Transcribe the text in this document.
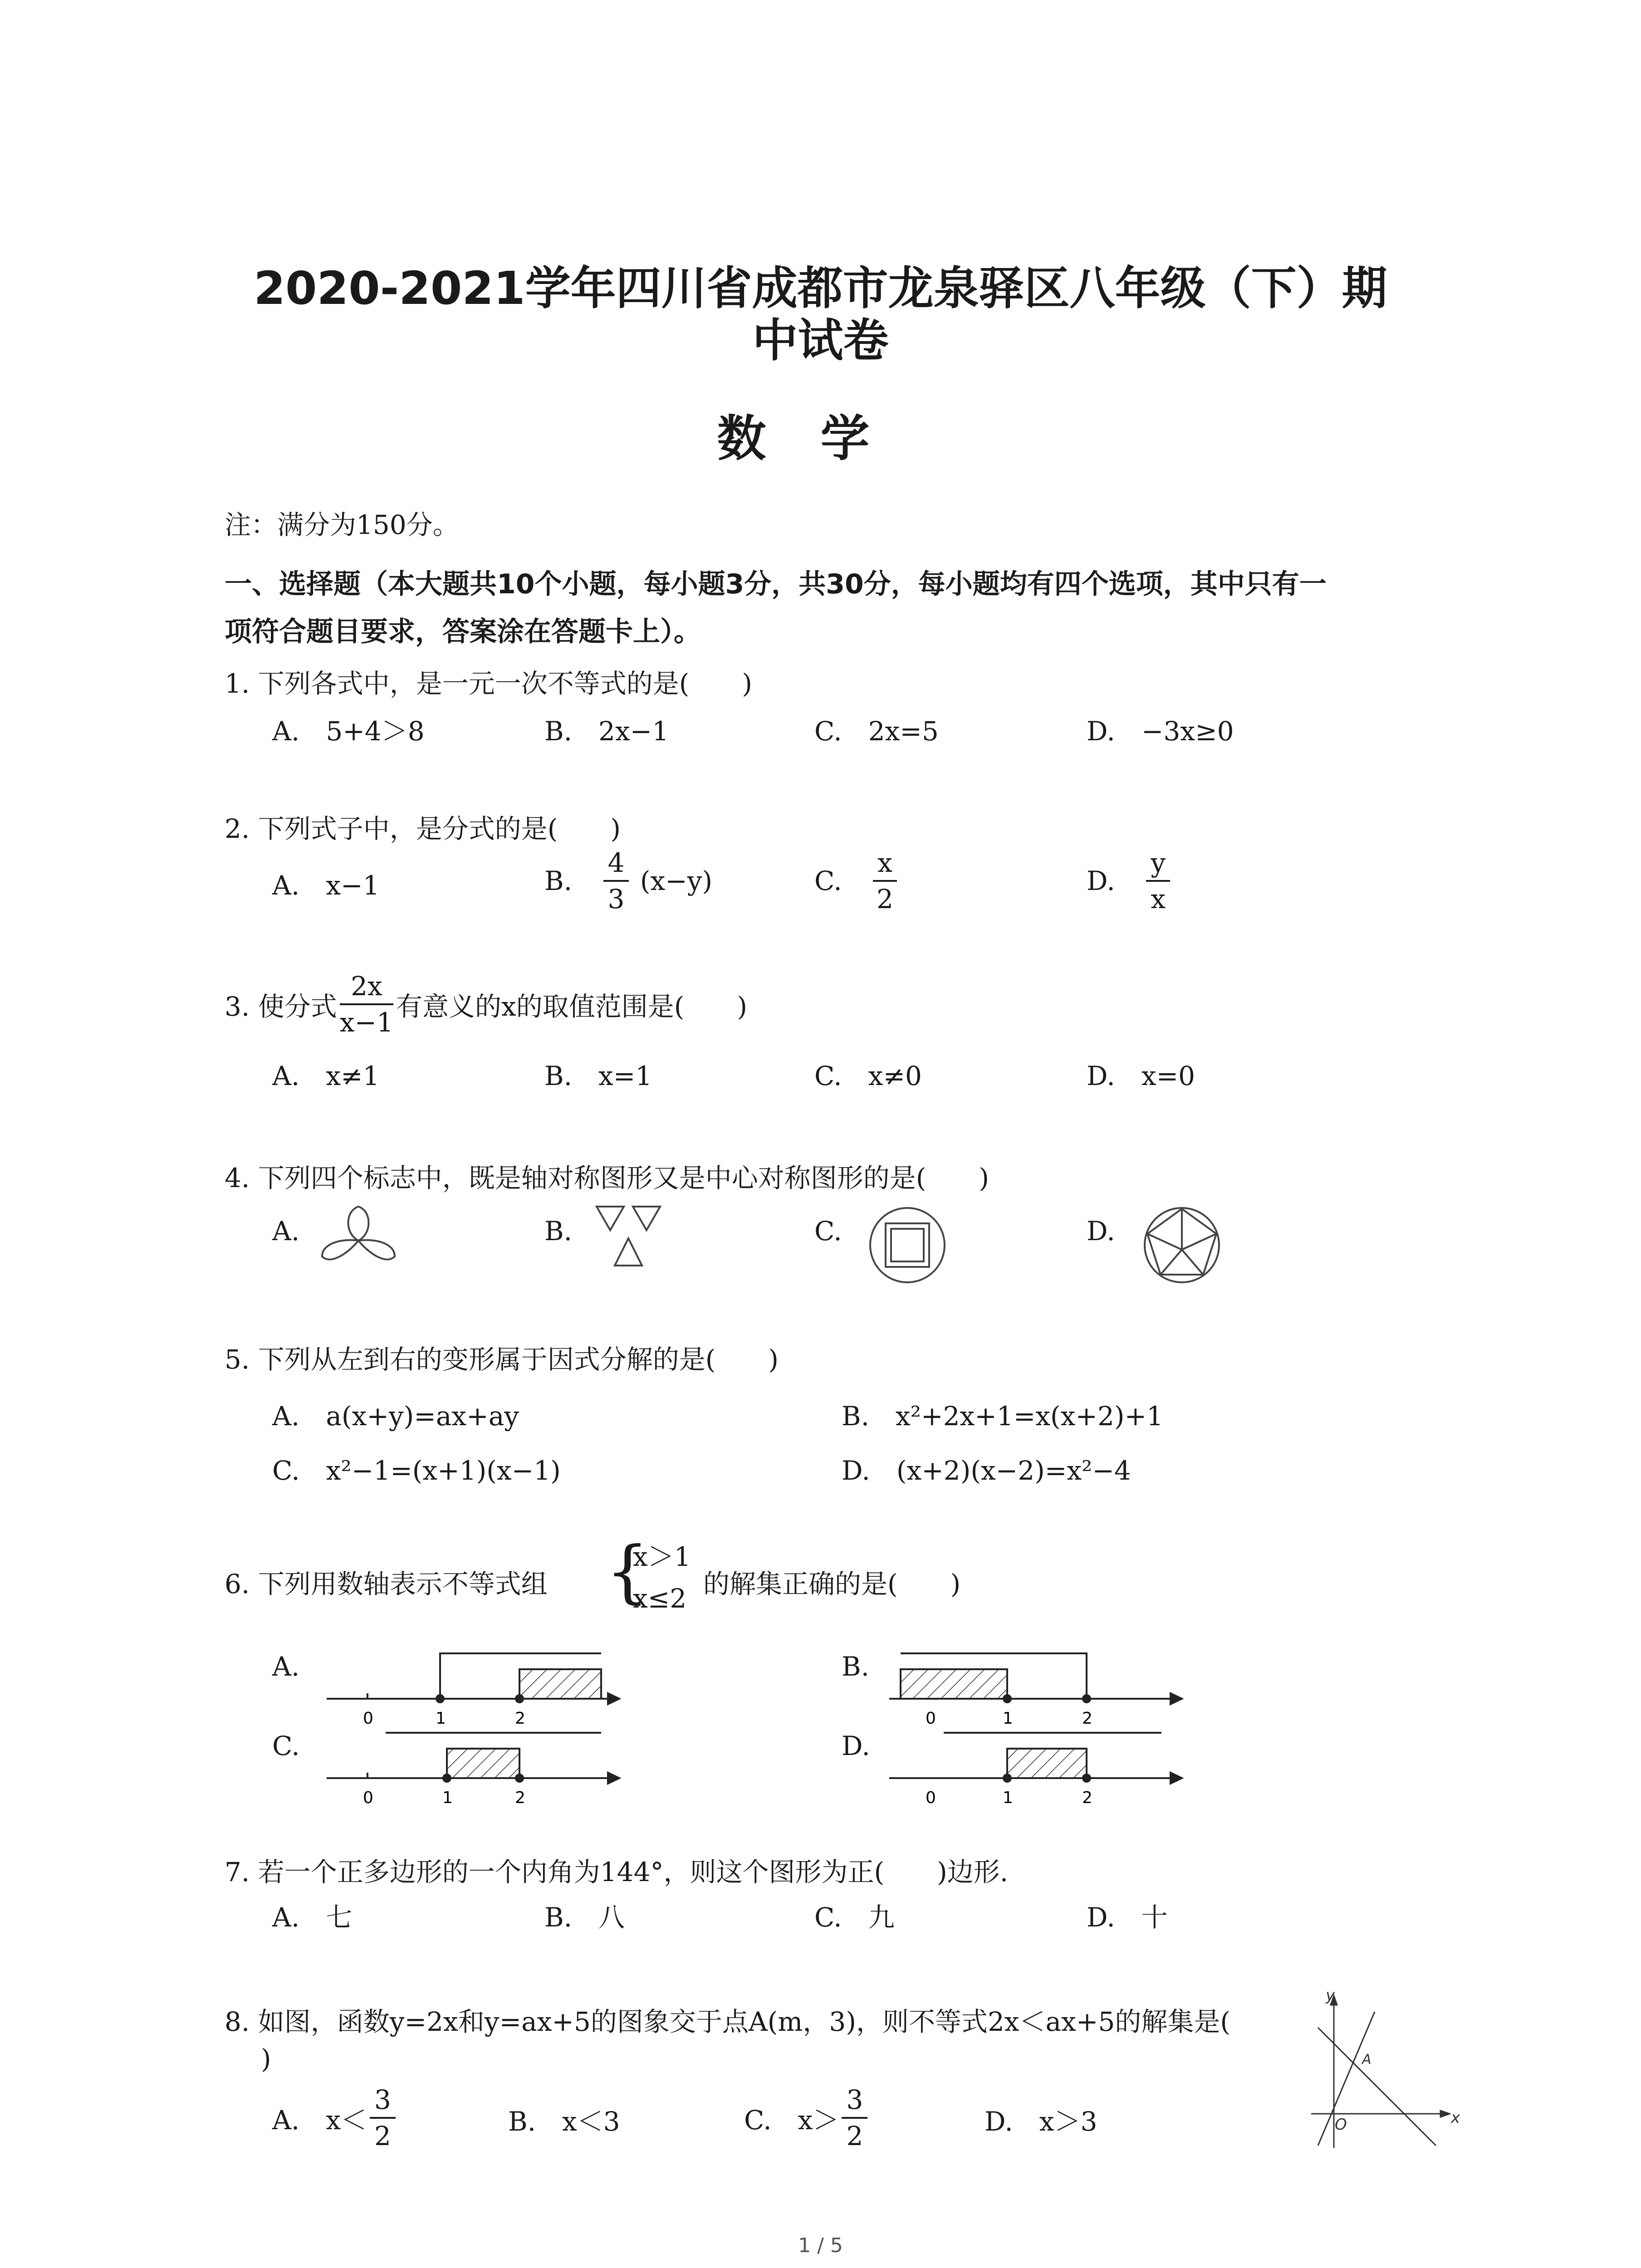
2020-2021学年四川省成都市龙泉驿区八年级（下）期
中试卷
数学
注：满分为150分。
一、选择题（本大题共10个小题，每小题3分，共30分，每小题均有四个选项，其中只有一
项符合题目要求，答案涂在答题卡上）。
1. 下列各式中，是一元一次不等式的是(　　)
A.　5+4＞8	B.　2x−1	C.　2x=5	D.　−3x≥0
2. 下列式子中，是分式的是(　　)
A.　x−1	B. $\frac{4}{3} (x-y)$	C. $\frac{x}{2}$	D. $\frac{y}{x}$
3. 使分式 $\frac{2x}{x-1}$ 有意义的x的取值范围是(　　)
A.　x≠1	B.　x=1	C.　x≠0	D.　x=0
4. 下列四个标志中，既是轴对称图形又是中心对称图形的是(　　)
A.	B.	C.	D.
5. 下列从左到右的变形属于因式分解的是(　　)
A.　a(x+y)=ax+ay	B.　x²+2x+1=x(x+2)+1
C.　x²−1=(x+1)(x−1)	D.　(x+2)(x−2)=x²−4
6. 下列用数轴表示不等式组 {
x＞1
x≤2 的解集正确的是(　　)
A.	B.
C.	D.
0	1	2	0	1	2
0	1	2	0	1	2
7. 若一个正多边形的一个内角为144°，则这个图形为正(　　)边形.
A.　七	B.　八	C.　九	D.　十
8. 如图，函数y=2x和y=ax+5的图象交于点A(m，3)，则不等式2x＜ax+5的解集是(
)
A.　$x< \frac{3}{2}$	B.　x＜3	C.　$x> \frac{3}{2}$	D.　x＞3
y
x
O
A
1 / 5
